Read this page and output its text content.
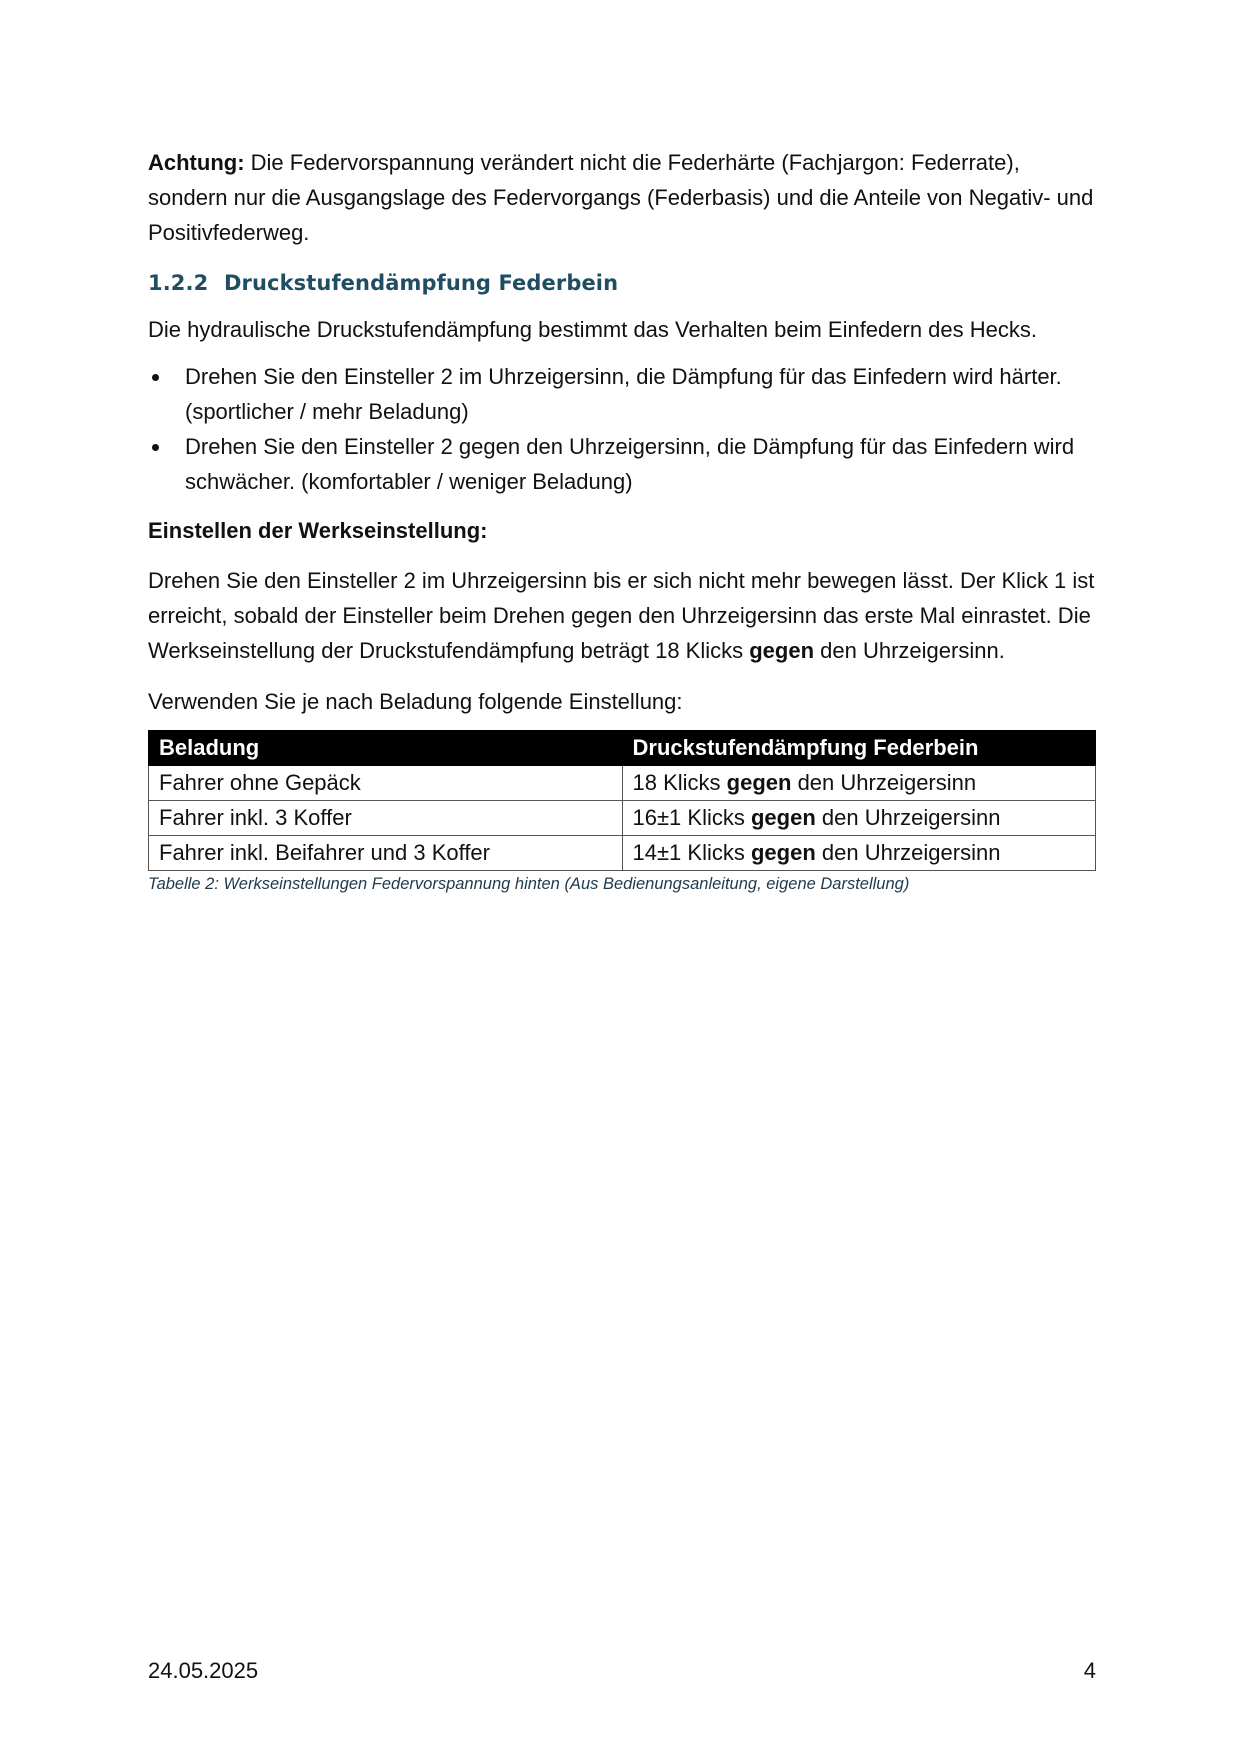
Achtung: Die Federvorspannung verändert nicht die Federhärte (Fachjargon: Federrate), sondern nur die Ausgangslage des Federvorgangs (Federbasis) und die Anteile von Negativ- und Positivfederweg.

1.2.2 Druckstufendämpfung Federbein

Die hydraulische Druckstufendämpfung bestimmt das Verhalten beim Einfedern des Hecks.

Drehen Sie den Einsteller 2 im Uhrzeigersinn, die Dämpfung für das Einfedern wird härter. (sportlicher / mehr Beladung)
Drehen Sie den Einsteller 2 gegen den Uhrzeigersinn, die Dämpfung für das Einfedern wird schwächer. (komfortabler / weniger Beladung)

Einstellen der Werkseinstellung:

Drehen Sie den Einsteller 2 im Uhrzeigersinn bis er sich nicht mehr bewegen lässt. Der Klick 1 ist erreicht, sobald der Einsteller beim Drehen gegen den Uhrzeigersinn das erste Mal einrastet. Die Werkseinstellung der Druckstufendämpfung beträgt 18 Klicks gegen den Uhrzeigersinn.

Verwenden Sie je nach Beladung folgende Einstellung:

Beladung	Druckstufendämpfung Federbein
Fahrer ohne Gepäck	18 Klicks gegen den Uhrzeigersinn
Fahrer inkl. 3 Koffer	16±1 Klicks gegen den Uhrzeigersinn
Fahrer inkl. Beifahrer und 3 Koffer	14±1 Klicks gegen den Uhrzeigersinn

Tabelle 2: Werkseinstellungen Federvorspannung hinten (Aus Bedienungsanleitung, eigene Darstellung)

24.05.2025	4
